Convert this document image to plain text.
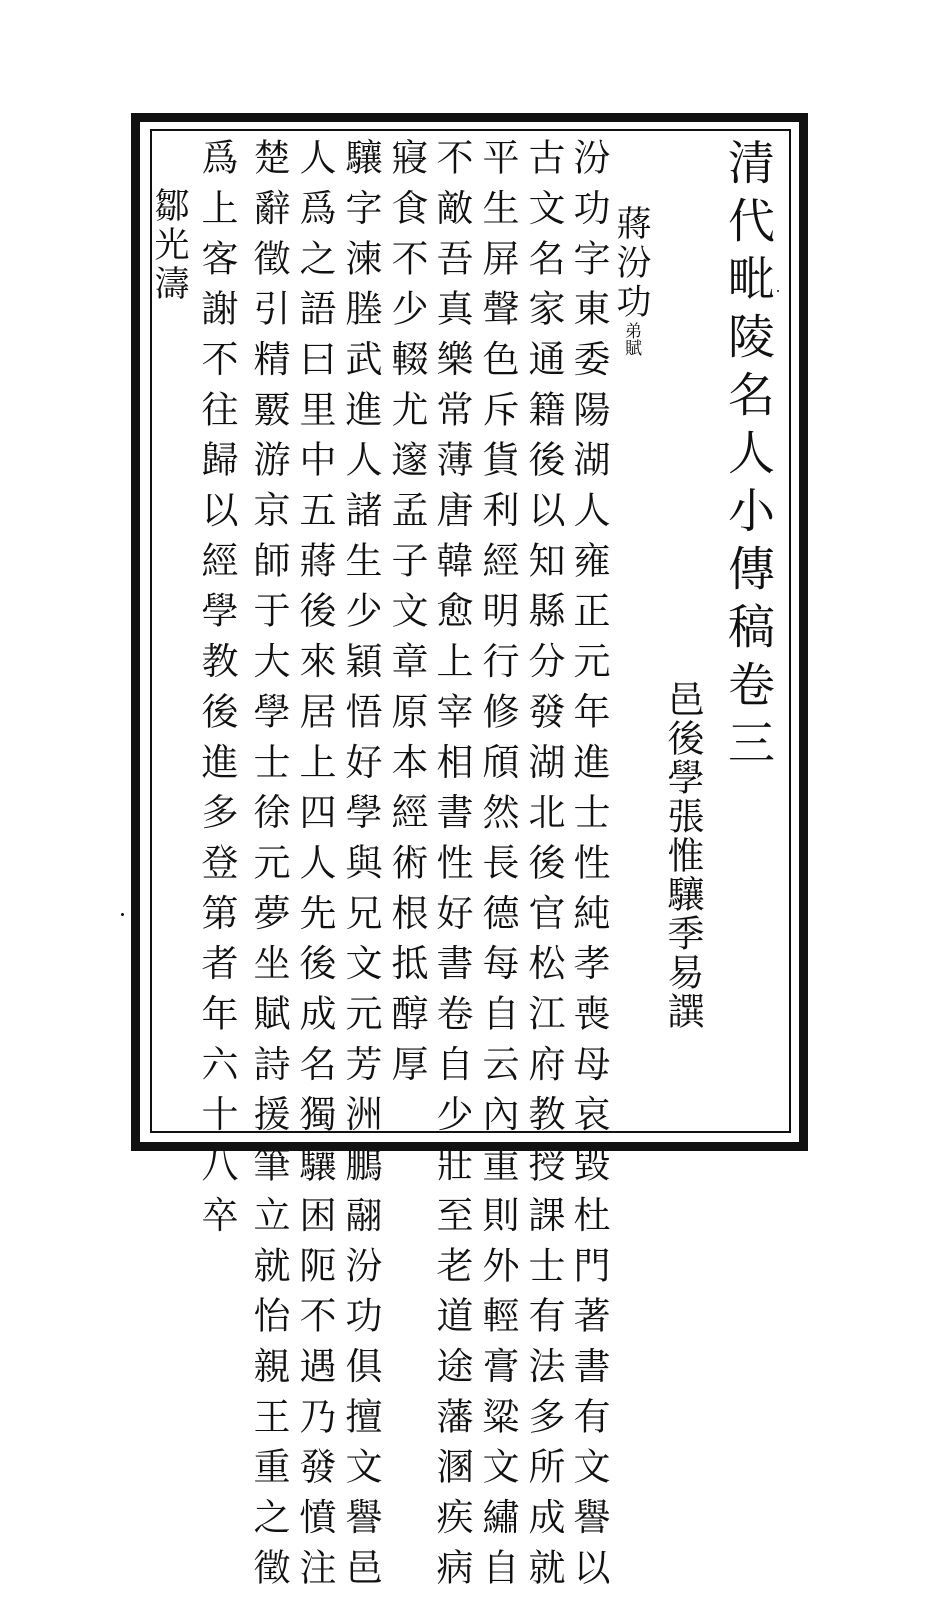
清代毗陵名人小傳稿卷三
邑後學張惟驤季易譔
蔣汾功弟賦
汾功字東委陽湖人雍正元年進士性純孝喪母哀毀杜門著書有文譽以
古文名家通籍後以知縣分發湖北後官松江府教授課士有法多所成就
平生屏聲色斥貨利經明行修頎然長德每自云內重則外輕膏粱文繡自
不敵吾真樂常薄唐韓愈上宰相書性好書卷自少壯至老道途藩溷疾病
寢食不少輟尤邃孟子文章原本經術根抵醇厚
驤字湅塍武進人諸生少穎悟好學與兄文元芳洲鵬翮汾功俱擅文譽邑
人爲之語曰里中五蔣後來居上四人先後成名獨驤困阨不遇乃發憤注
楚辭徵引精覈游京師于大學士徐元夢坐賦詩援筆立就怡親王重之徵
爲上客謝不往歸以經學教後進多登第者年六十八卒
鄒光濤
